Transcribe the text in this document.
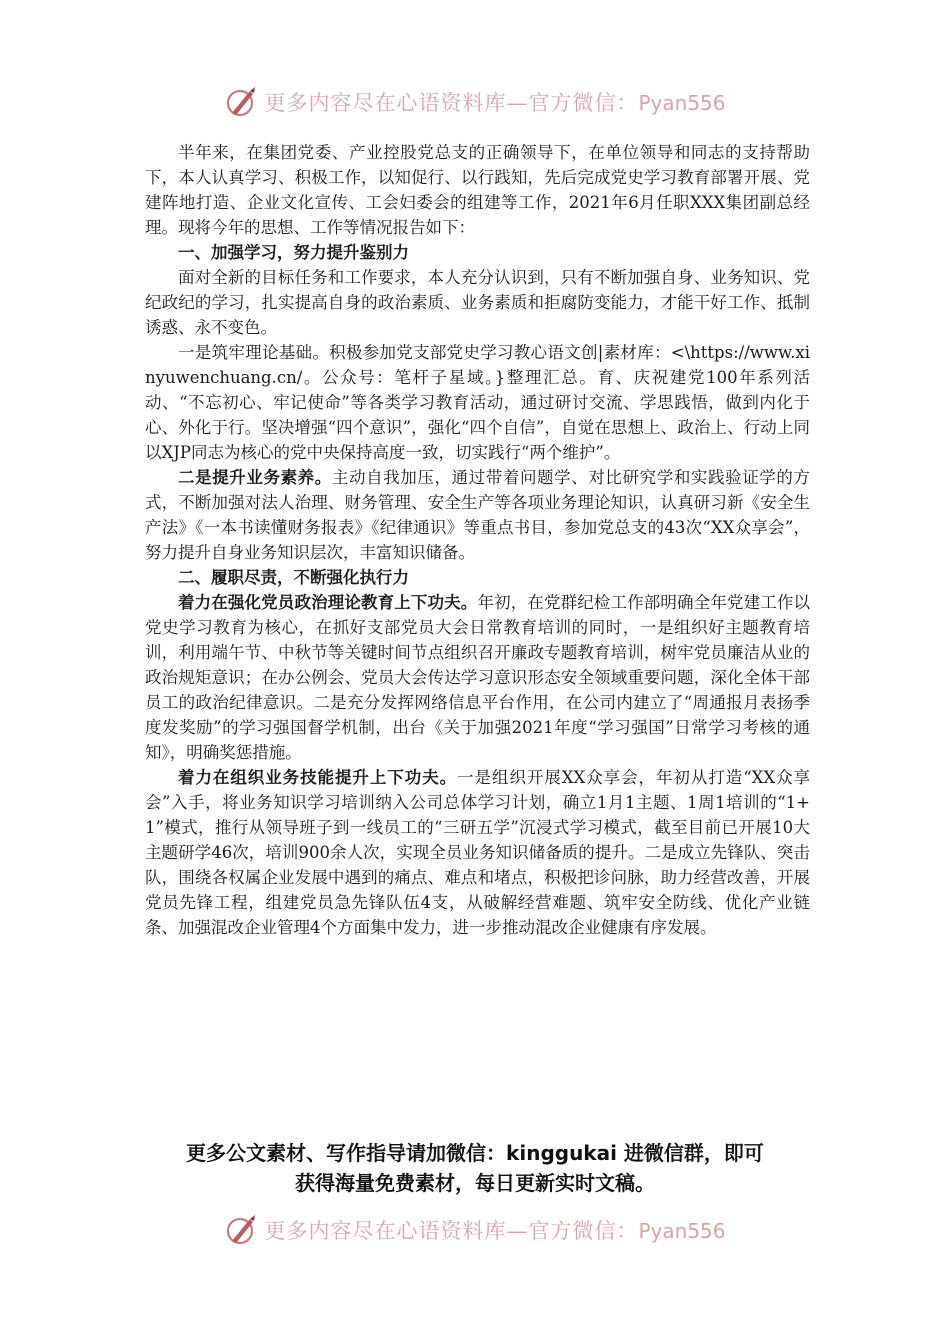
更多内容尽在心语资料库—官方微信：Pyan556

半年来，在集团党委、产业控股党总支的正确领导下，在单位领导和同志的支持帮助下，本人认真学习、积极工作，以知促行、以行践知，先后完成党史学习教育部署开展、党建阵地打造、企业文化宣传、工会妇委会的组建等工作，2021年6月任职XXX集团副总经理。现将今年的思想、工作等情况报告如下：

一、加强学习，努力提升鉴别力

面对全新的目标任务和工作要求，本人充分认识到，只有不断加强自身、业务知识、党纪政纪的学习，扎实提高自身的政治素质、业务素质和拒腐防变能力，才能干好工作、抵制诱惑、永不变色。

一是筑牢理论基础。积极参加党支部党史学习教心语文创|素材库：<\https://www.xinyuwenchuang.cn/。公众号：笔杆子星域。}整理汇总。育、庆祝建党100年系列活动、“不忘初心、牢记使命”等各类学习教育活动，通过研讨交流、学思践悟，做到内化于心、外化于行。坚决增强“四个意识”，强化“四个自信”，自觉在思想上、政治上、行动上同以XJP同志为核心的党中央保持高度一致，切实践行“两个维护”。

二是提升业务素养。主动自我加压，通过带着问题学、对比研究学和实践验证学的方式，不断加强对法人治理、财务管理、安全生产等各项业务理论知识，认真研习新《安全生产法》《一本书读懂财务报表》《纪律通识》等重点书目，参加党总支的43次“XX众享会”，努力提升自身业务知识层次，丰富知识储备。

二、履职尽责，不断强化执行力

着力在强化党员政治理论教育上下功夫。年初，在党群纪检工作部明确全年党建工作以党史学习教育为核心，在抓好支部党员大会日常教育培训的同时，一是组织好主题教育培训，利用端午节、中秋节等关键时间节点组织召开廉政专题教育培训，树牢党员廉洁从业的政治规矩意识；在办公例会、党员大会传达学习意识形态安全领域重要问题，深化全体干部员工的政治纪律意识。二是充分发挥网络信息平台作用，在公司内建立了“周通报月表扬季度发奖励”的学习强国督学机制，出台《关于加强2021年度“学习强国”日常学习考核的通知》，明确奖惩措施。

着力在组织业务技能提升上下功夫。一是组织开展XX众享会，年初从打造“XX众享会”入手，将业务知识学习培训纳入公司总体学习计划，确立1月1主题、1周1培训的“1+1”模式，推行从领导班子到一线员工的“三研五学”沉浸式学习模式，截至目前已开展10大主题研学46次，培训900余人次，实现全员业务知识储备质的提升。二是成立先锋队、突击队，围绕各权属企业发展中遇到的痛点、难点和堵点，积极把诊问脉，助力经营改善，开展党员先锋工程，组建党员急先锋队伍4支，从破解经营难题、筑牢安全防线、优化产业链条、加强混改企业管理4个方面集中发力，进一步推动混改企业健康有序发展。

更多公文素材、写作指导请加微信：kinggukai 进微信群，即可
获得海量免费素材，每日更新实时文稿。
更多内容尽在心语资料库—官方微信：Pyan556
